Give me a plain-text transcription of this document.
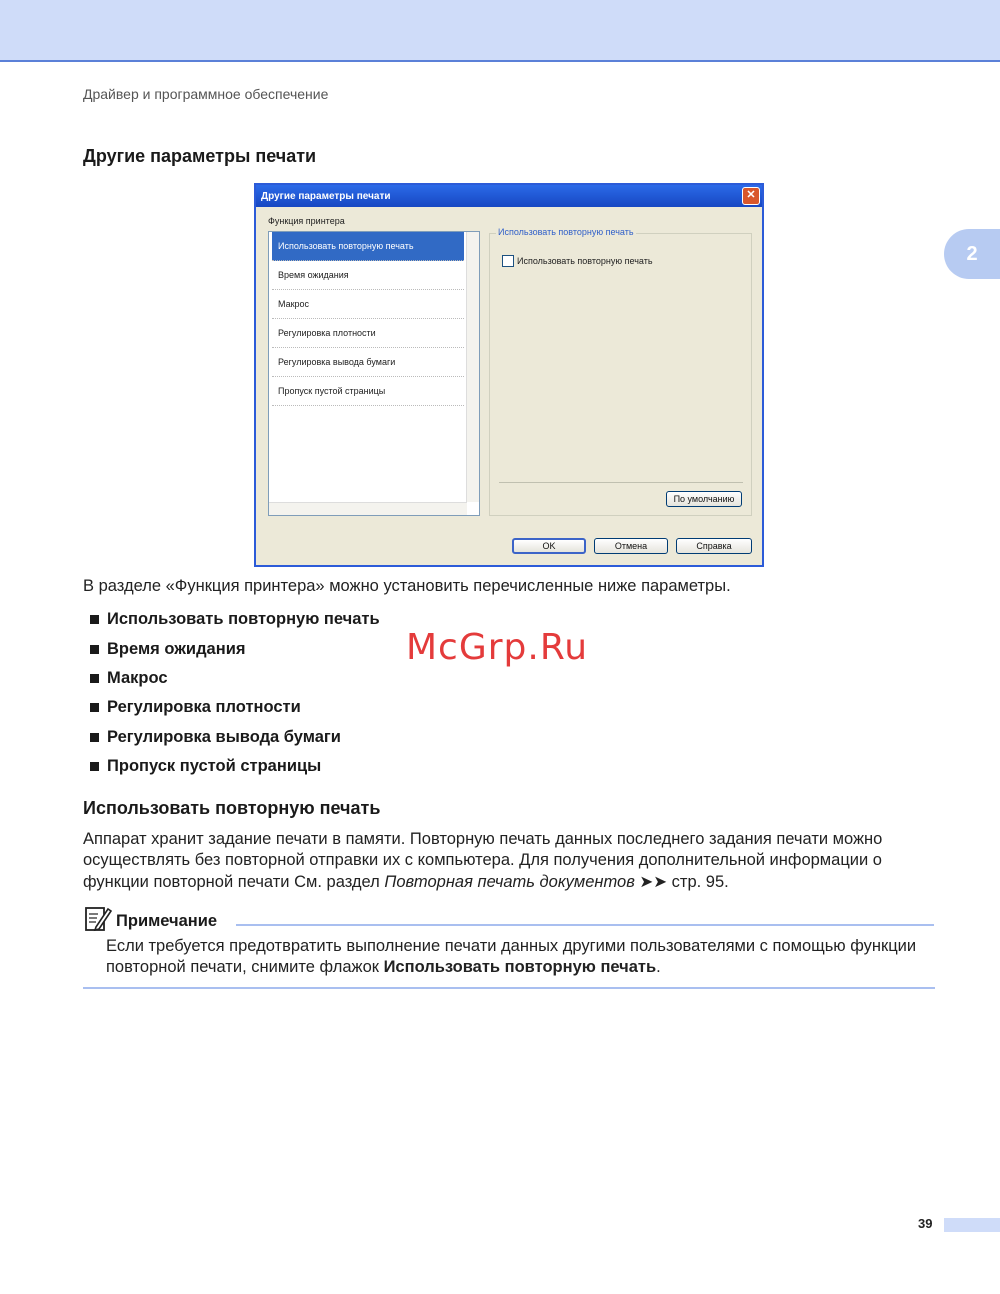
Драйвер и программное обеспечение
2
Другие параметры печати
Другие параметры печати	✕
Функция принтера
Использовать повторную печать
Время ожидания
Макрос
Регулировка плотности
Регулировка вывода бумаги
Пропуск пустой страницы
Использовать повторную печать
Использовать повторную печать
По умолчанию
OK	Отмена	Справка
В разделе «Функция принтера» можно установить перечисленные ниже параметры.
Использовать повторную печать
Время ожидания
Макрос
Регулировка плотности
Регулировка вывода бумаги
Пропуск пустой страницы
McGrp.Ru
Использовать повторную печать
Аппарат хранит задание печати в памяти. Повторную печать данных последнего задания печати можно осуществлять без повторной отправки их с компьютера. Для получения дополнительной информации о функции повторной печати См. раздел Повторная печать документов ➤➤ стр. 95.
Примечание
Если требуется предотвратить выполнение печати данных другими пользователями с помощью функции повторной печати, снимите флажок Использовать повторную печать.
39
